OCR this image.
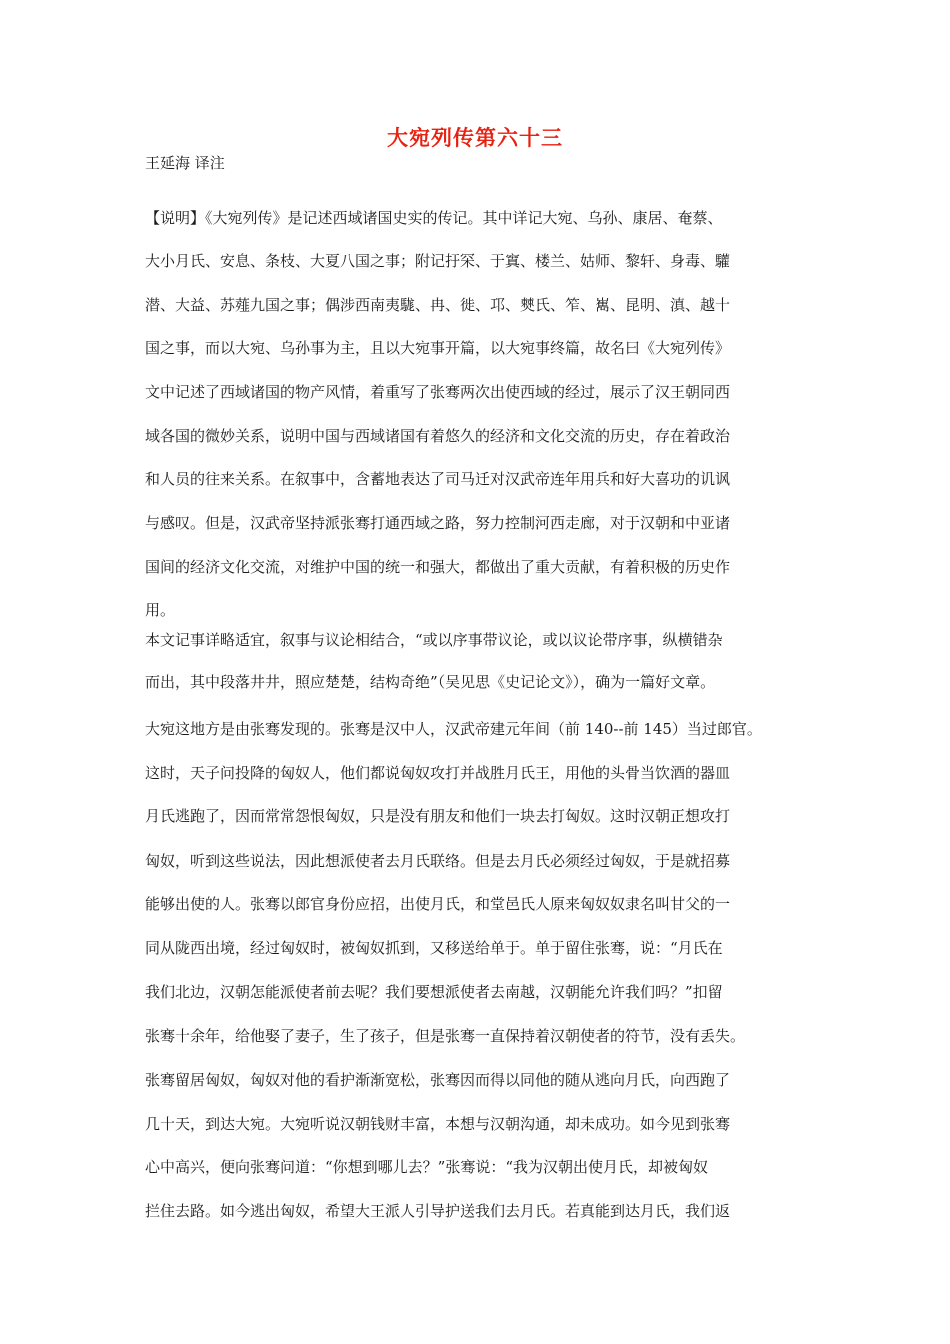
大宛列传第六十三

王延海 译注

【说明】《大宛列传》是记述西域诸国史实的传记。其中详记大宛、乌孙、康居、奄蔡、

大小月氏、安息、条枝、大夏八国之事；附记扜罙、于窴、楼兰、姑师、黎轩、身毒、驩

潜、大益、苏薤九国之事；偶涉西南夷駹、冉、徙、邛、僰氏、笮、嶲、昆明、滇、越十

国之事，而以大宛、乌孙事为主，且以大宛事开篇，以大宛事终篇，故名曰《大宛列传》

文中记述了西域诸国的物产风情，着重写了张骞两次出使西域的经过，展示了汉王朝同西

域各国的微妙关系，说明中国与西域诸国有着悠久的经济和文化交流的历史，存在着政治

和人员的往来关系。在叙事中，含蓄地表达了司马迁对汉武帝连年用兵和好大喜功的讥讽

与感叹。但是，汉武帝坚持派张骞打通西域之路，努力控制河西走廊，对于汉朝和中亚诸

国间的经济文化交流，对维护中国的统一和强大，都做出了重大贡献，有着积极的历史作

用。

本文记事详略适宜，叙事与议论相结合，“或以序事带议论，或以议论带序事，纵横错杂

而出，其中段落井井，照应楚楚，结构奇绝”（吴见思《史记论文》），确为一篇好文章。

大宛这地方是由张骞发现的。张骞是汉中人，汉武帝建元年间（前 140--前 145）当过郎官。

这时，天子问投降的匈奴人，他们都说匈奴攻打并战胜月氏王，用他的头骨当饮酒的器皿

月氏逃跑了，因而常常怨恨匈奴，只是没有朋友和他们一块去打匈奴。这时汉朝正想攻打

匈奴，听到这些说法，因此想派使者去月氏联络。但是去月氏必须经过匈奴，于是就招募

能够出使的人。张骞以郎官身份应招，出使月氏，和堂邑氏人原来匈奴奴隶名叫甘父的一

同从陇西出境，经过匈奴时，被匈奴抓到，又移送给单于。单于留住张骞，说：“月氏在

我们北边，汉朝怎能派使者前去呢？我们要想派使者去南越，汉朝能允许我们吗？”扣留

张骞十余年，给他娶了妻子，生了孩子，但是张骞一直保持着汉朝使者的符节，没有丢失。

张骞留居匈奴，匈奴对他的看护渐渐宽松，张骞因而得以同他的随从逃向月氏，向西跑了

几十天，到达大宛。大宛听说汉朝钱财丰富，本想与汉朝沟通，却未成功。如今见到张骞

心中高兴，便向张骞问道：“你想到哪儿去？”张骞说：“我为汉朝出使月氏，却被匈奴

拦住去路。如今逃出匈奴，希望大王派人引导护送我们去月氏。若真能到达月氏，我们返
